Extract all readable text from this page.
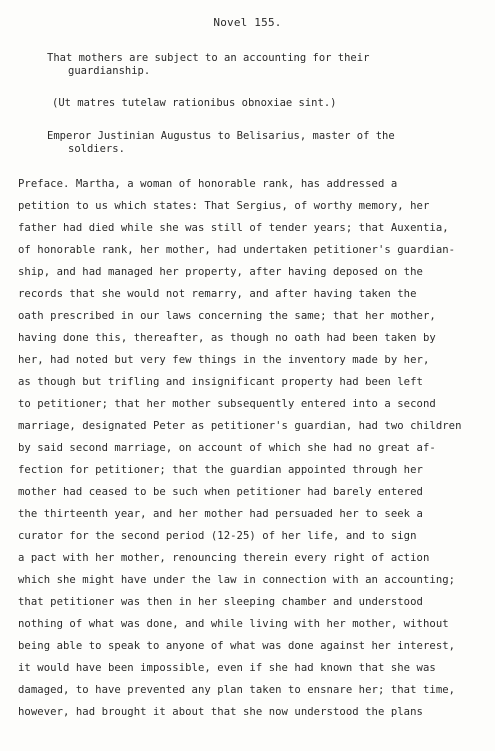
Novel 155.
That mothers are subject to an accounting for their
guardianship.
(Ut matres tutelaw rationibus obnoxiae sint.)
Emperor Justinian Augustus to Belisarius, master of the
soldiers.
Preface. Martha, a woman of honorable rank, has addressed a
petition to us which states: That Sergius, of worthy memory, her
father had died while she was still of tender years; that Auxentia,
of honorable rank, her mother, had undertaken petitioner's guardian-
ship, and had managed her property, after having deposed on the
records that she would not remarry, and after having taken the
oath prescribed in our laws concerning the same; that her mother,
having done this, thereafter, as though no oath had been taken by
her, had noted but very few things in the inventory made by her,
as though but trifling and insignificant property had been left
to petitioner; that her mother subsequently entered into a second
marriage, designated Peter as petitioner's guardian, had two children
by said second marriage, on account of which she had no great af-
fection for petitioner; that the guardian appointed through her
mother had ceased to be such when petitioner had barely entered
the thirteenth year, and her mother had persuaded her to seek a
curator for the second period (12-25) of her life, and to sign
a pact with her mother, renouncing therein every right of action
which she might have under the law in connection with an accounting;
that petitioner was then in her sleeping chamber and understood
nothing of what was done, and while living with her mother, without
being able to speak to anyone of what was done against her interest,
it would have been impossible, even if she had known that she was
damaged, to have prevented any plan taken to ensnare her; that time,
however, had brought it about that she now understood the plans
